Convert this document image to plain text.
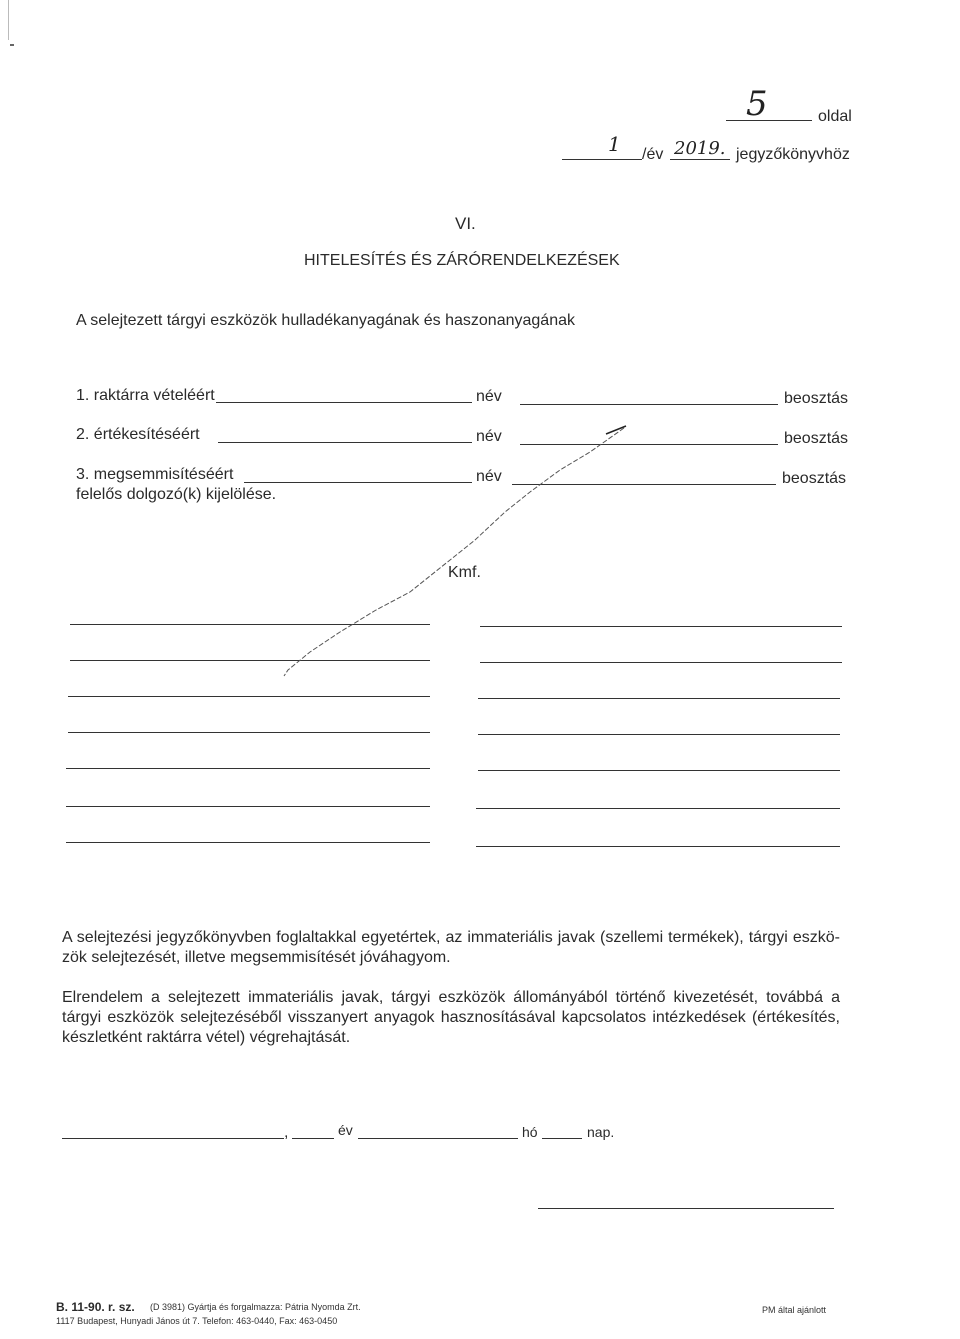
5	oldal
1 /év 2019. jegyzőkönyvhöz
VI.
HITELESÍTÉS ÉS ZÁRÓRENDELKEZÉSEK
A selejtezett tárgyi eszközök hulladékanyagának és haszonanyagának
1. raktárra vételéért	név	beosztás
2. értékesítéséért	név	beosztás
3. megsemmisítéséért	név	beosztás
felelős dolgozó(k) kijelölése.
Kmf.
A selejtezési jegyzőkönyvben foglaltakkal egyetértek, az immateriális javak (szellemi termékek), tárgyi eszkö-zök selejtezését, illetve megsemmisítését jóváhagyom.
Elrendelem a selejtezett immateriális javak, tárgyi eszközök állományából történő kivezetését, továbbá a tárgyi eszközök selejtezéséből visszanyert anyagok hasznosításával kapcsolatos intézkedések (értékesítés, készletként raktárra vétel) végrehajtását.
,	év	hó	nap.
B. 11-90. r. sz. (D 3981) Gyártja és forgalmazza: Pátria Nyomda Zrt.
1117 Budapest, Hunyadi János út 7. Telefon: 463-0440, Fax: 463-0450
PM által ajánlott
